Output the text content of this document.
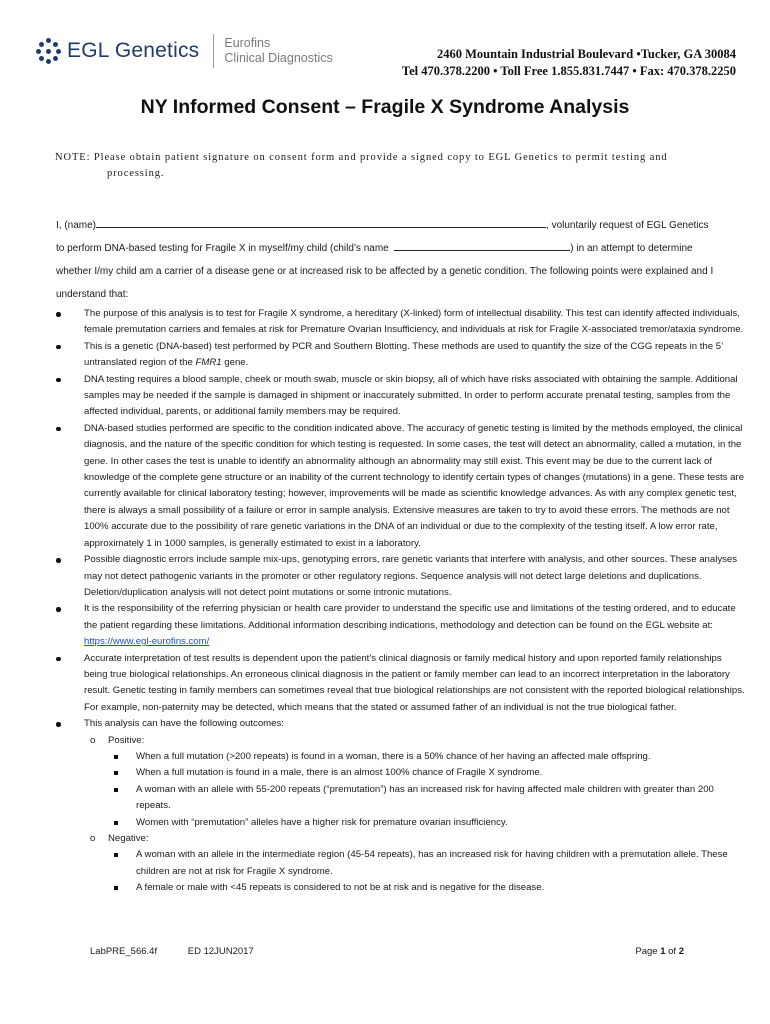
EGL Genetics Eurofins
Clinical Diagnostics	2460 Mountain Industrial Boulevard •Tucker, GA 30084
Tel 470.378.2200 • Toll Free 1.855.831.7447 • Fax: 470.378.2250
NY Informed Consent – Fragile X Syndrome Analysis
NOTE: Please obtain patient signature on consent form and provide a signed copy to EGL Genetics to permit testing and
processing.
I, (name)	, voluntarily request of EGL Genetics
to perform DNA-based testing for Fragile X in myself/my child (child’s name	) in an attempt to determine
whether I/my child am a carrier of a disease gene or at increased risk to be affected by a genetic condition. The following points were explained and I
understand that:
The purpose of this analysis is to test for Fragile X syndrome, a hereditary (X-linked) form of intellectual disability. This test can identify affected individuals, female premutation carriers and females at risk for Premature Ovarian Insufficiency, and individuals at risk for Fragile X-associated tremor/ataxia syndrome.
This is a genetic (DNA-based) test performed by PCR and Southern Blotting. These methods are used to quantify the size of the CGG repeats in the 5’ untranslated region of the FMR1 gene.
DNA testing requires a blood sample, cheek or mouth swab, muscle or skin biopsy, all of which have risks associated with obtaining the sample. Additional samples may be needed if the sample is damaged in shipment or inaccurately submitted. In order to perform accurate prenatal testing, samples from the affected individual, parents, or additional family members may be required.
DNA-based studies performed are specific to the condition indicated above. The accuracy of genetic testing is limited by the methods employed, the clinical diagnosis, and the nature of the specific condition for which testing is requested. In some cases, the test will detect an abnormality, called a mutation, in the gene. In other cases the test is unable to identify an abnormality although an abnormality may still exist. This event may be due to the current lack of knowledge of the complete gene structure or an inability of the current technology to identify certain types of changes (mutations) in a gene. These tests are currently available for clinical laboratory testing; however, improvements will be made as scientific knowledge advances. As with any complex genetic test, there is always a small possibility of a failure or error in sample analysis. Extensive measures are taken to try to avoid these errors. The methods are not 100% accurate due to the possibility of rare genetic variations in the DNA of an individual or due to the complexity of the testing itself. A low error rate, approximately 1 in 1000 samples, is generally estimated to exist in a laboratory.
Possible diagnostic errors include sample mix-ups, genotyping errors, rare genetic variants that interfere with analysis, and other sources. These analyses may not detect pathogenic variants in the promoter or other regulatory regions. Sequence analysis will not detect large deletions and duplications. Deletion/duplication analysis will not detect point mutations or some intronic mutations.
It is the responsibility of the referring physician or health care provider to understand the specific use and limitations of the testing ordered, and to educate the patient regarding these limitations. Additional information describing indications, methodology and detection can be found on the EGL website at: https://www.egl-eurofins.com/
Accurate interpretation of test results is dependent upon the patient’s clinical diagnosis or family medical history and upon reported family relationships being true biological relationships. An erroneous clinical diagnosis in the patient or family member can lead to an incorrect interpretation in the laboratory result. Genetic testing in family members can sometimes reveal that true biological relationships are not consistent with the reported biological relationships. For example, non-paternity may be detected, which means that the stated or assumed father of an individual is not the true biological father.
This analysis can have the following outcomes:
o Positive:
When a full mutation (>200 repeats) is found in a woman, there is a 50% chance of her having an affected male offspring.
When a full mutation is found in a male, there is an almost 100% chance of Fragile X syndrome.
A woman with an allele with 55-200 repeats (“premutation”) has an increased risk for having affected male children with greater than 200 repeats.
Women with “premutation” alleles have a higher risk for premature ovarian insufficiency.
o Negative:
A woman with an allele in the intermediate region (45-54 repeats), has an increased risk for having children with a premutation allele. These children are not at risk for Fragile X syndrome.
A female or male with <45 repeats is considered to not be at risk and is negative for the disease.
LabPRE_566.4f	ED 12JUN2017	Page 1 of 2
